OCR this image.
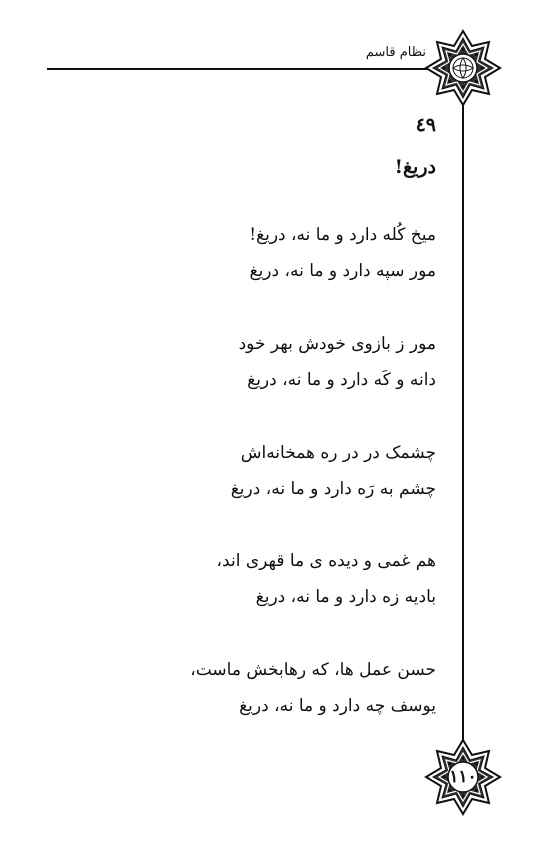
نظام قاسم
٤٩
دریغ!
میخ کُله دارد و ما نه، دریغ!
مور سپه دارد و ما نه، دریغ
مور ز بازوی خودش بهر خود
دانه و کَه دارد و ما نه، دریغ
چشمک در در ره همخانه‌اش
چشم به رَه دارد و ما نه، دریغ
هم غمی و دیده ی ما قهری اند،
بادیه زه دارد و ما نه، دریغ
حسن عمل ها، که رهابخش ماست،
یوسف چه دارد و ما نه، دریغ
۱۱۰
